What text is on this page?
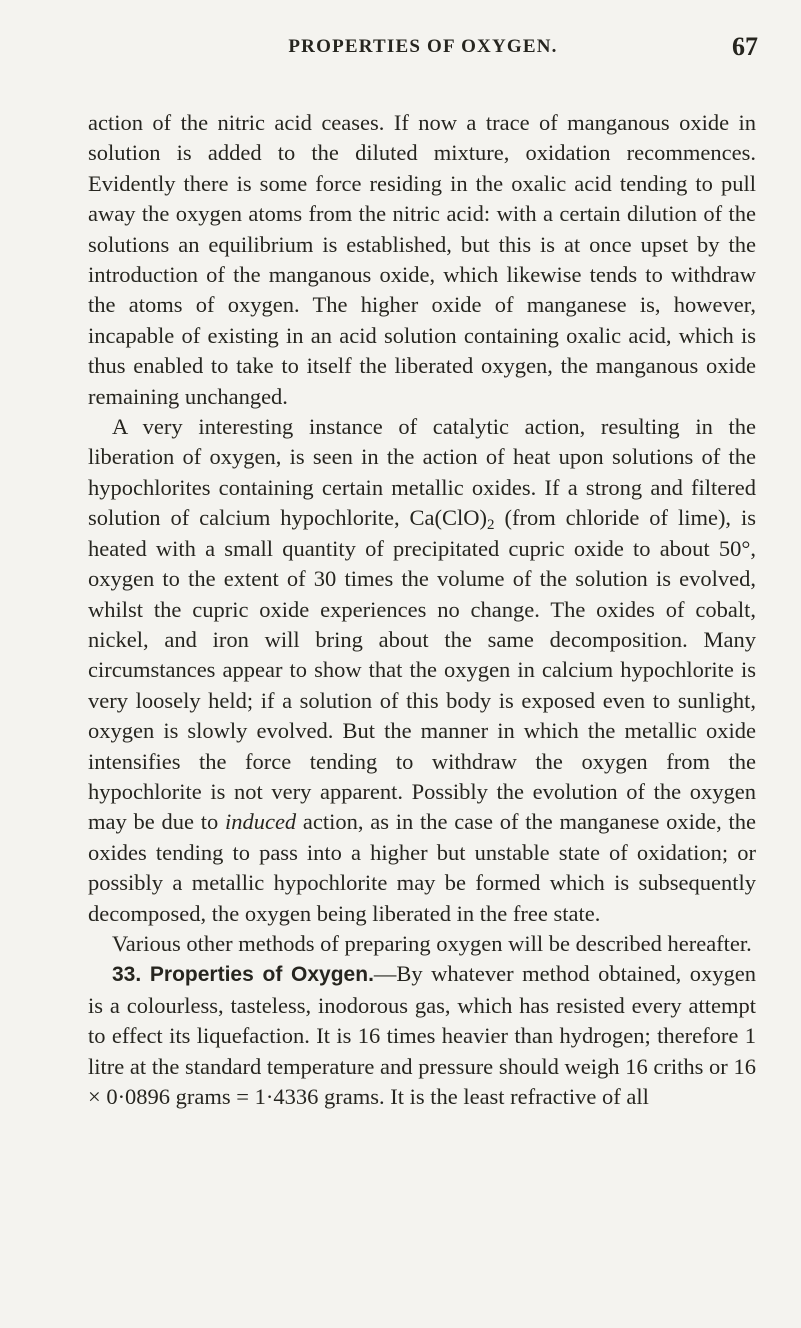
PROPERTIES OF OXYGEN.	67

action of the nitric acid ceases. If now a trace of manganous oxide in solution is added to the diluted mixture, oxidation recommences. Evidently there is some force residing in the oxalic acid tending to pull away the oxygen atoms from the nitric acid: with a certain dilution of the solutions an equilibrium is established, but this is at once upset by the introduction of the manganous oxide, which likewise tends to withdraw the atoms of oxygen. The higher oxide of manganese is, however, incapable of existing in an acid solution containing oxalic acid, which is thus enabled to take to itself the liberated oxygen, the manganous oxide remaining unchanged.

A very interesting instance of catalytic action, resulting in the liberation of oxygen, is seen in the action of heat upon solutions of the hypochlorites containing certain metallic oxides. If a strong and filtered solution of calcium hypochlorite, $Ca(ClO)_2$ (from chloride of lime), is heated with a small quantity of precipitated cupric oxide to about 50°, oxygen to the extent of 30 times the volume of the solution is evolved, whilst the cupric oxide experiences no change. The oxides of cobalt, nickel, and iron will bring about the same decomposition. Many circumstances appear to show that the oxygen in calcium hypochlorite is very loosely held; if a solution of this body is exposed even to sunlight, oxygen is slowly evolved. But the manner in which the metallic oxide intensifies the force tending to withdraw the oxygen from the hypochlorite is not very apparent. Possibly the evolution of the oxygen may be due to induced action, as in the case of the manganese oxide, the oxides tending to pass into a higher but unstable state of oxidation; or possibly a metallic hypochlorite may be formed which is subsequently decomposed, the oxygen being liberated in the free state.

Various other methods of preparing oxygen will be described hereafter.

33. Properties of Oxygen.—By whatever method obtained, oxygen is a colourless, tasteless, inodorous gas, which has resisted every attempt to effect its liquefaction. It is 16 times heavier than hydrogen; therefore 1 litre at the standard temperature and pressure should weigh 16 criths or 16 × 0·0896 grams = 1·4336 grams. It is the least refractive of all
